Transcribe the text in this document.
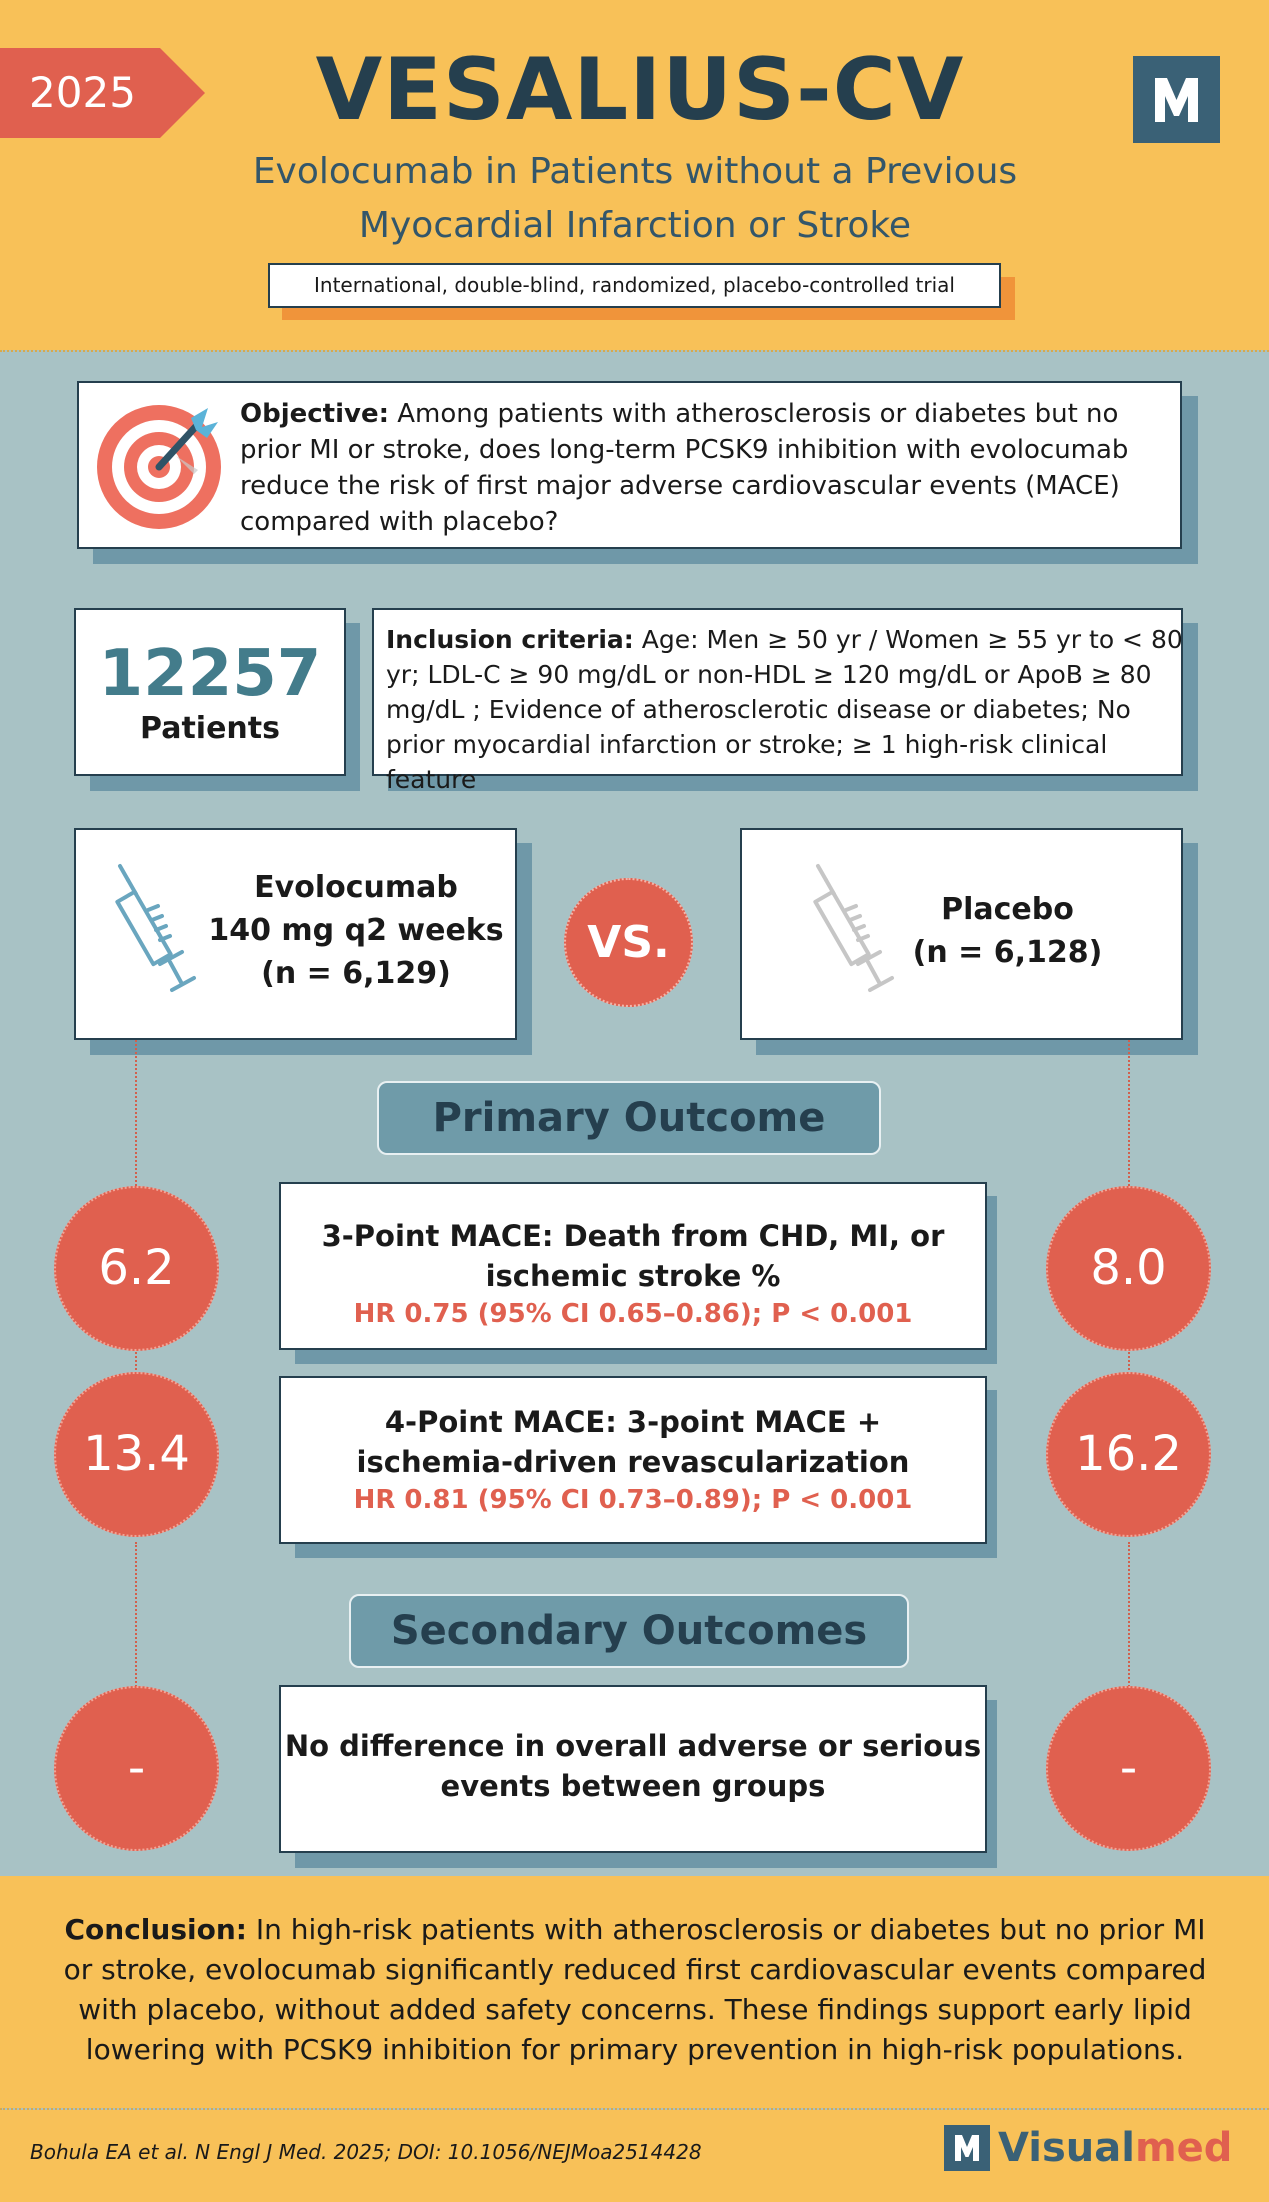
2025	VESALIUS-CV
Evolocumab in Patients without a Previous
Myocardial Infarction or Stroke
International, double-blind, randomized, placebo-controlled trial
Objective: Among patients with atherosclerosis or diabetes but no prior MI or stroke, does long-term PCSK9 inhibition with evolocumab reduce the risk of first major adverse cardiovascular events (MACE) compared with placebo?
12257
Patients
Inclusion criteria: Age: Men ≥ 50 yr / Women ≥ 55 yr to < 80 yr; LDL-C ≥ 90 mg/dL or non-HDL ≥ 120 mg/dL or ApoB ≥ 80 mg/dL ; Evidence of atherosclerotic disease or diabetes; No prior myocardial infarction or stroke; ≥ 1 high-risk clinical feature
Evolocumab
140 mg q2 weeks
(n = 6,129)
VS.
Placebo
(n = 6,128)
Primary Outcome
3-Point MACE: Death from CHD, MI, or
ischemic stroke %
HR 0.75 (95% CI 0.65–0.86); P < 0.001
6.2	8.0
4-Point MACE: 3-point MACE +
ischemia-driven revascularization
HR 0.81 (95% CI 0.73–0.89); P < 0.001
13.4	16.2
Secondary Outcomes
No difference in overall adverse or serious
events between groups
-	-
Conclusion: In high-risk patients with atherosclerosis or diabetes but no prior MI or stroke, evolocumab significantly reduced first cardiovascular events compared with placebo, without added safety concerns. These findings support early lipid lowering with PCSK9 inhibition for primary prevention in high-risk populations.
Bohula EA et al. N Engl J Med. 2025; DOI: 10.1056/NEJMoa2514428	Visualmed
